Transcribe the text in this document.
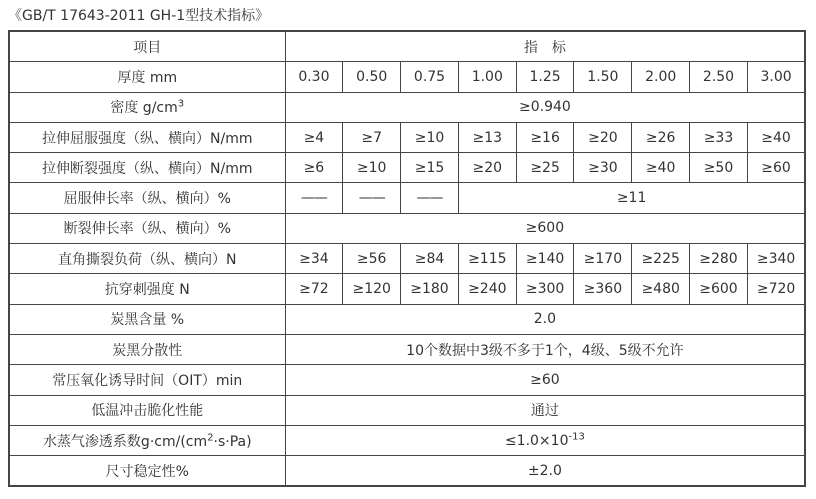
《GB/T 17643-2011 GH-1型技术指标》

项目	指　标								
厚度 mm	0.30	0.50	0.75	1.00	1.25	1.50	2.00	2.50	3.00
密度 $g/cm^3$	≥0.940								
拉伸屈服强度（纵、横向）N/mm	≥4	≥7	≥10	≥13	≥16	≥20	≥26	≥33	≥40
拉伸断裂强度（纵、横向）N/mm	≥6	≥10	≥15	≥20	≥25	≥30	≥40	≥50	≥60
屈服伸长率（纵、横向）%	——	——	——	≥11					
断裂伸长率（纵、横向）%	≥600								
直角撕裂负荷（纵、横向）N	≥34	≥56	≥84	≥115	≥140	≥170	≥225	≥280	≥340
抗穿刺强度 N	≥72	≥120	≥180	≥240	≥300	≥360	≥480	≥600	≥720
炭黑含量 %	2.0								
炭黑分散性	10个数据中3级不多于1个，4级、5级不允许								
常压氧化诱导时间（OIT）min	≥60								
低温冲击脆化性能	通过								
水蒸气渗透系数$g\cdot cm/(cm^2\cdot s\cdot Pa)$	$\le 1.0\times 10^{-13}$
尺寸稳定性%	±2.0								
